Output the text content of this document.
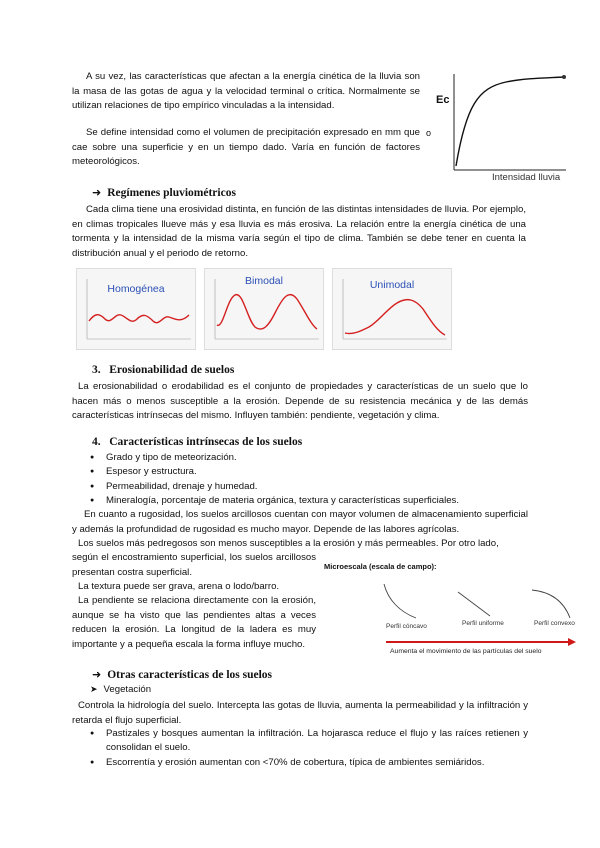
A su vez, las características que afectan a la energía cinética de la lluvia son la masa de las gotas de agua y la velocidad terminal o crítica. Normalmente se utilizan relaciones de tipo empírico vinculadas a la intensidad.

Se define intensidad como el volumen de precipitación expresado en mm que cae sobre una superficie y en un tiempo dado. Varía en función de factores meteorológicos.

Ec
o
Intensidad lluvia
➜ Regímenes pluviométricos

Cada clima tiene una erosividad distinta, en función de las distintas intensidades de lluvia. Por ejemplo, en climas tropicales llueve más y esa lluvia es más erosiva. La relación entre la energía cinética de una tormenta y la intensidad de la misma varía según el tipo de clima. También se debe tener en cuenta la distribución anual y el periodo de retorno.

Homogénea
Bimodal	Unimodal
3. Erosionabilidad de suelos

La erosionabilidad o erodabilidad es el conjunto de propiedades y características de un suelo que lo hacen más o menos susceptible a la erosión. Depende de su resistencia mecánica y de las demás características intrínsecas del mismo. Influyen también: pendiente, vegetación y clima.

4. Características intrínsecas de los suelos
● Grado y tipo de meteorización.
● Espesor y estructura.
● Permeabilidad, drenaje y humedad.
● Mineralogía, porcentaje de materia orgánica, textura y características superficiales.

En cuanto a rugosidad, los suelos arcillosos cuentan con mayor volumen de almacenamiento superficial y además la profundidad de rugosidad es mucho mayor. Depende de las labores agrícolas.

Los suelos más pedregosos son menos susceptibles a la erosión y más permeables. Por otro lado,

según el encostramiento superficial, los suelos arcillosos presentan costra superficial.

La textura puede ser grava, arena o lodo/barro.

La pendiente se relaciona directamente con la erosión, aunque se ha visto que las pendientes altas a veces reducen la erosión. La longitud de la ladera es muy importante y a pequeña escala la forma influye mucho.

Microescala (escala de campo):
Perfil cóncavo	Perfil uniforme	Perfil convexo
Aumenta el movimiento de las partículas del suelo
➜ Otras características de los suelos
➤ Vegetación

Controla la hidrología del suelo. Intercepta las gotas de lluvia, aumenta la permeabilidad y la infiltración y retarda el flujo superficial.

● Pastizales y bosques aumentan la infiltración. La hojarasca reduce el flujo y las raíces retienen y consolidan el suelo.
● Escorrentía y erosión aumentan con <70% de cobertura, típica de ambientes semiáridos.
